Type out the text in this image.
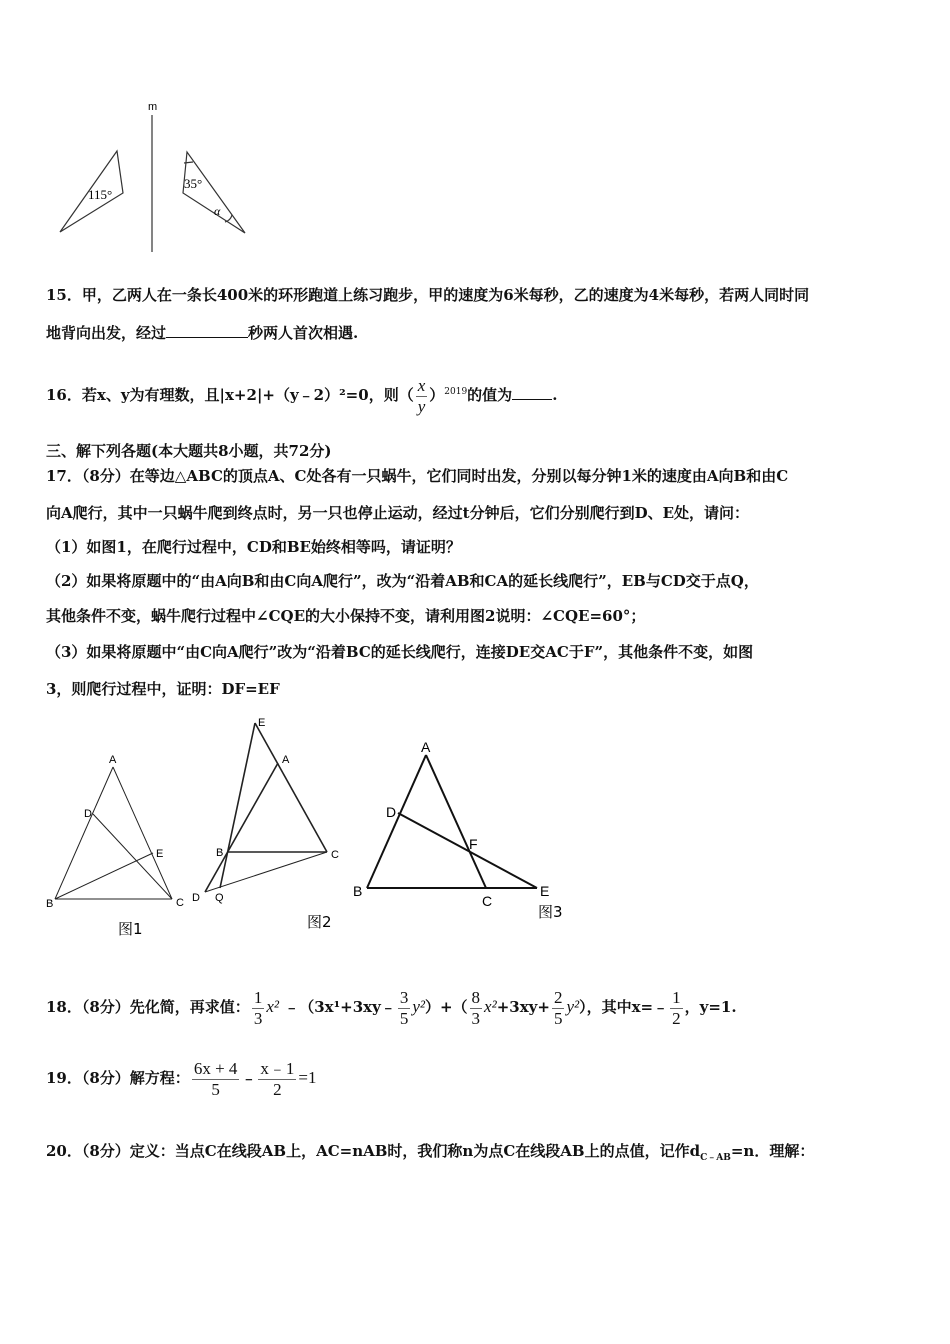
m
115°
35°
α
A
B	C
D
E
图1
E
A
B	C
D Q
图2
A
B
C
D
E
F
图3
15．甲，乙两人在一条长400米的环形跑道上练习跑步，甲的速度为6米每秒，乙的速度为4米每秒，若两人同时同
地背向出发，经过	秒两人首次相遇.
16．若x、y为有理数，且|x+2|+（y﹣2）²=0，则（ $\frac{x}{y} )^{2019}$的值为	.
三、解下列各题(本大题共8小题，共72分)
17．（8分）在等边△ABC的顶点A、C处各有一只蜗牛，它们同时出发，分别以每分钟1米的速度由A向B和由C
向A爬行，其中一只蜗牛爬到终点时，另一只也停止运动，经过t分钟后，它们分别爬行到D、E处，请问：
（1）如图1，在爬行过程中，CD和BE始终相等吗，请证明？
（2）如果将原题中的“由A向B和由C向A爬行”，改为“沿着AB和CA的延长线爬行”，EB与CD交于点Q，
其他条件不变，蜗牛爬行过程中∠CQE的大小保持不变，请利用图2说明：∠CQE=60°；
（3）如果将原题中“由C向A爬行”改为“沿着BC的延长线爬行，连接DE交AC于F”，其他条件不变，如图
3，则爬行过程中，证明：DF=EF
18．（8分）先化简，再求值： $\frac{1}{3} x^2$ ﹣（3x¹+3xy﹣ $\frac{3}{5} y^2)+( \frac{8}{3} x^2+3xy+ \frac{2}{5} y^2)$，其中x=﹣ $\frac{1}{2}$ ，y=1.
19．（8分）解方程： $\frac{6x + 4}{5}$ ﹣ $\frac{x﹣1}{2} =1$
20．（8分）定义：当点C在线段AB上，AC=nAB时，我们称n为点C在线段AB上的点值，记作$d_{C﹣AB}=n$．理解：
